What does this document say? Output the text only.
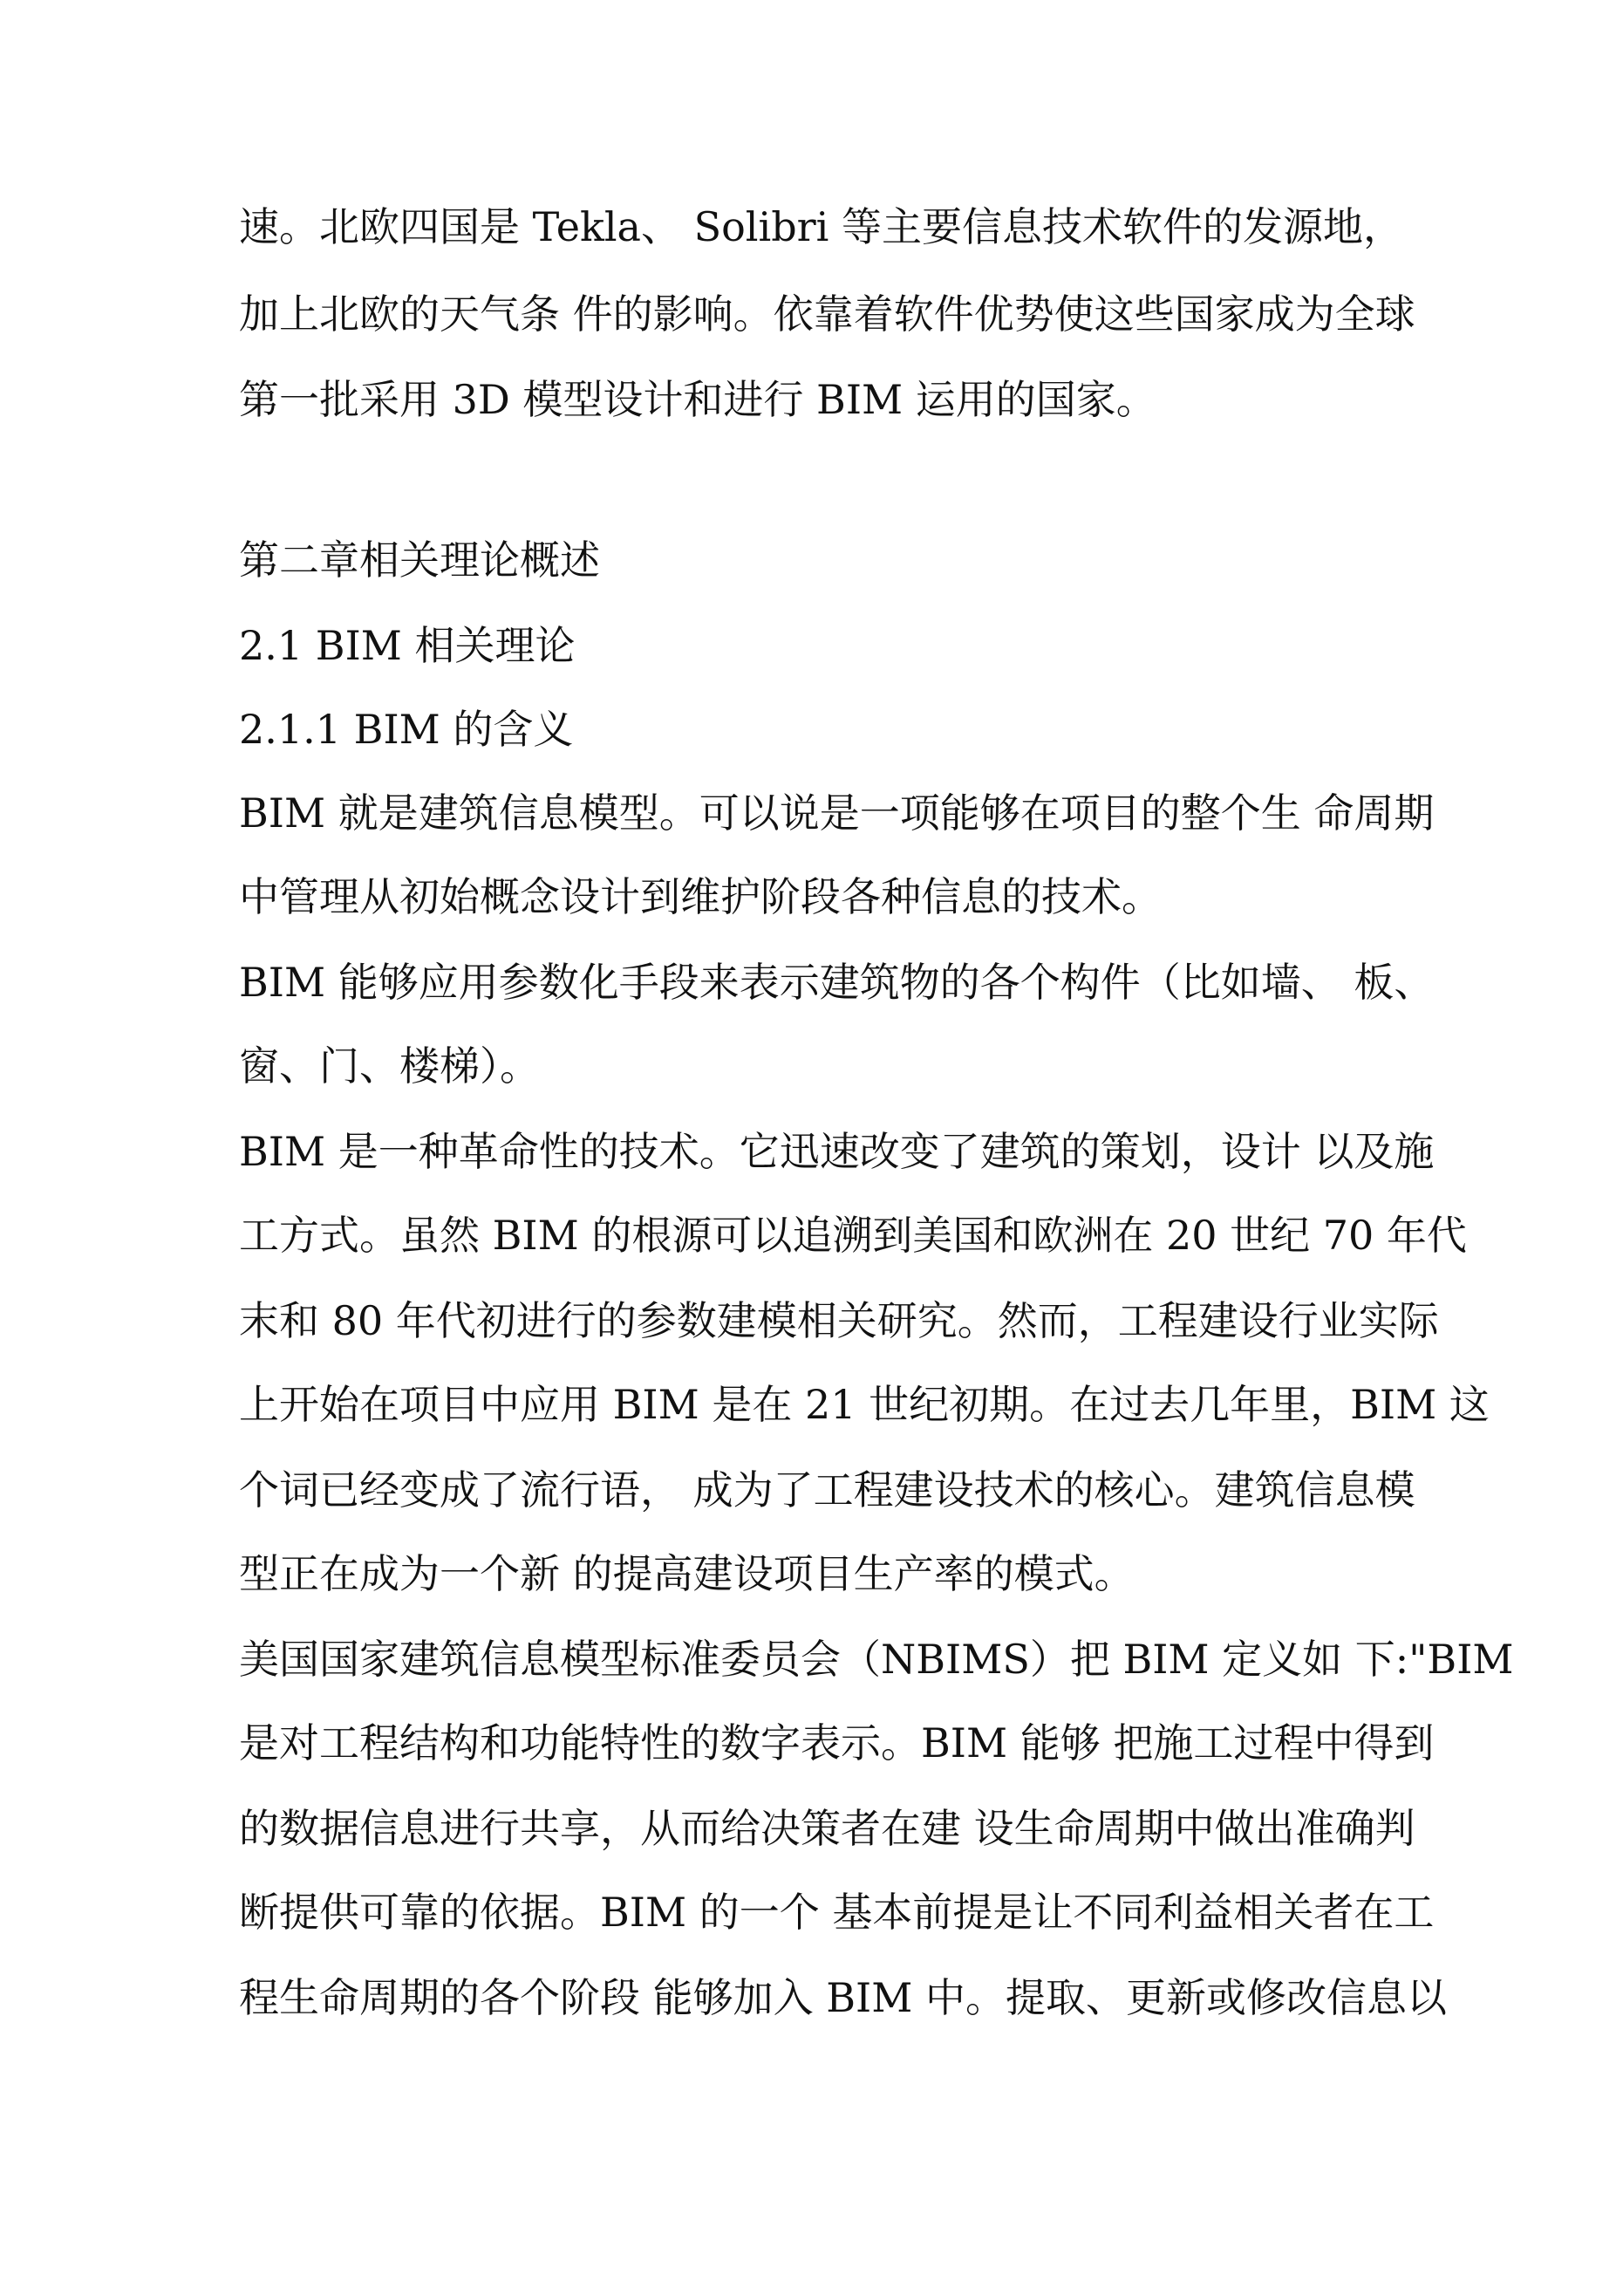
速。北欧四国是 Tekla、 Solibri 等主要信息技术软件的发源地，

加上北欧的天气条 件的影响。依靠着软件优势使这些国家成为全球

第一批采用 3D 模型设计和进行 BIM 运用的国家。

第二章相关理论概述

2.1 BIM 相关理论

2.1.1 BIM 的含义

BIM 就是建筑信息模型。可以说是一项能够在项目的整个生 命周期

中管理从初始概念设计到维护阶段各种信息的技术。

BIM 能够应用参数化手段来表示建筑物的各个构件（比如墙、 板、

窗、门、楼梯）。

BIM 是一种革命性的技术。它迅速改变了建筑的策划，设计 以及施

工方式。虽然 BIM 的根源可以追溯到美国和欧洲在 20 世纪 70 年代

末和 80 年代初进行的参数建模相关研究。然而，工程建设行业实际

上开始在项目中应用 BIM 是在 21 世纪初期。在过去几年里，BIM 这

个词已经变成了流行语， 成为了工程建设技术的核心。建筑信息模

型正在成为一个新 的提高建设项目生产率的模式。

美国国家建筑信息模型标准委员会（NBIMS）把 BIM 定义如 下:"BIM

是对工程结构和功能特性的数字表示。BIM 能够 把施工过程中得到

的数据信息进行共享，从而给决策者在建 设生命周期中做出准确判

断提供可靠的依据。BIM 的一个 基本前提是让不同利益相关者在工

程生命周期的各个阶段 能够加入 BIM 中。提取、更新或修改信息以
